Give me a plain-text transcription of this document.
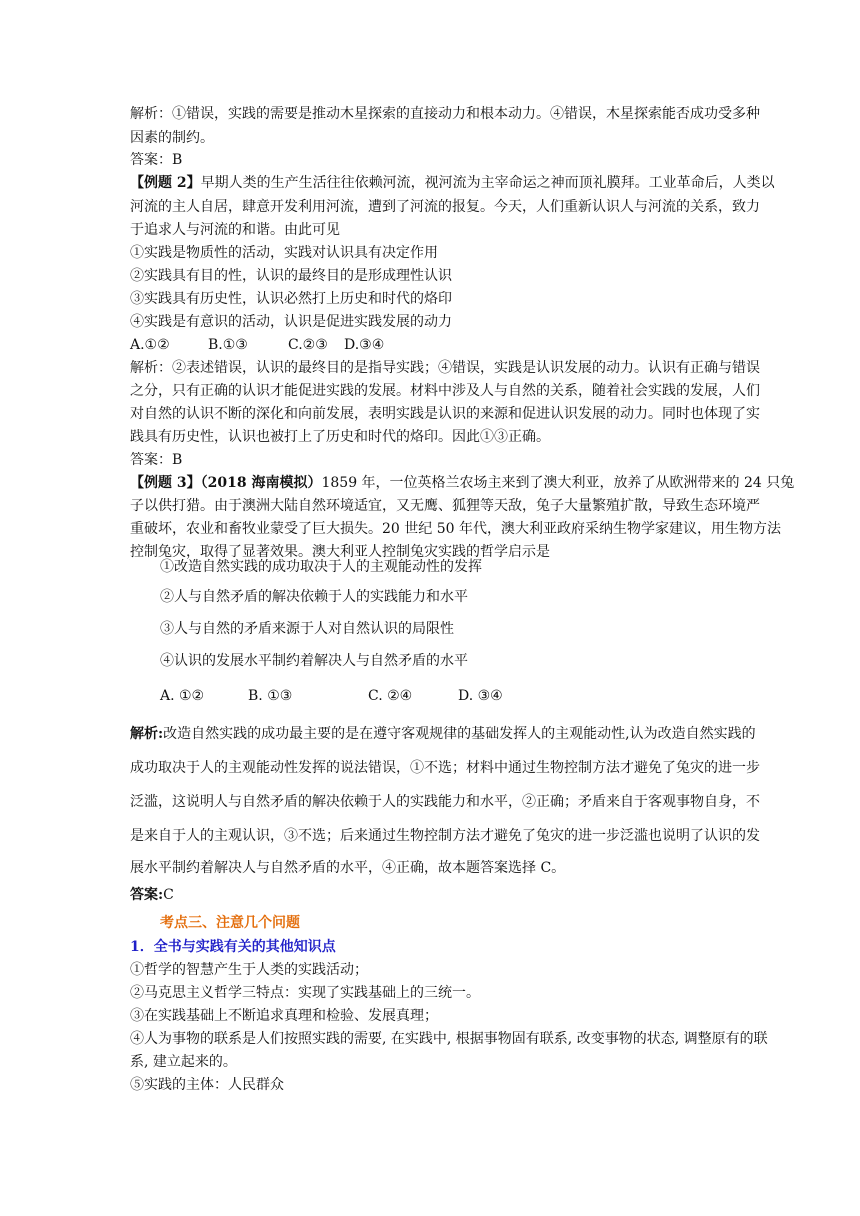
解析：①错误，实践的需要是推动木星探索的直接动力和根本动力。④错误，木星探索能否成功受多种
因素的制约。
答案：B
【例题 2】早期人类的生产生活往往依赖河流，视河流为主宰命运之神而顶礼膜拜。工业革命后，人类以
河流的主人自居，肆意开发利用河流，遭到了河流的报复。今天，人们重新认识人与河流的关系，致力
于追求人与河流的和谐。由此可见
①实践是物质性的活动，实践对认识具有决定作用
②实践具有目的性，认识的最终目的是形成理性认识
③实践具有历史性，认识必然打上历史和时代的烙印
④实践是有意识的活动，认识是促进实践发展的动力
A.①②	B.①③	C.②③ D.③④
解析：②表述错误，认识的最终目的是指导实践；④错误，实践是认识发展的动力。认识有正确与错误
之分，只有正确的认识才能促进实践的发展。材料中涉及人与自然的关系，随着社会实践的发展，人们
对自然的认识不断的深化和向前发展，表明实践是认识的来源和促进认识发展的动力。同时也体现了实
践具有历史性，认识也被打上了历史和时代的烙印。因此①③正确。
答案：B
【例题 3】（2018 海南模拟）1859 年，一位英格兰农场主来到了澳大利亚，放养了从欧洲带来的 24 只兔
子以供打猎。由于澳洲大陆自然环境适宜，又无鹰、狐狸等天敌，兔子大量繁殖扩散，导致生态环境严
重破坏，农业和畜牧业蒙受了巨大损失。20 世纪 50 年代，澳大利亚政府采纳生物学家建议，用生物方法
控制兔灾，取得了显著效果。澳大利亚人控制兔灾实践的哲学启示是
①改造自然实践的成功取决于人的主观能动性的发挥
②人与自然矛盾的解决依赖于人的实践能力和水平
③人与自然的矛盾来源于人对自然认识的局限性
④认识的发展水平制约着解决人与自然矛盾的水平
A. ①②	B. ①③	C. ②④	D. ③④
解析:改造自然实践的成功最主要的是在遵守客观规律的基础发挥人的主观能动性,认为改造自然实践的
成功取决于人的主观能动性发挥的说法错误，①不选；材料中通过生物控制方法才避免了兔灾的进一步
泛滥，这说明人与自然矛盾的解决依赖于人的实践能力和水平，②正确；矛盾来自于客观事物自身，不
是来自于人的主观认识，③不选；后来通过生物控制方法才避免了兔灾的进一步泛滥也说明了认识的发
展水平制约着解决人与自然矛盾的水平，④正确，故本题答案选择 C。
答案:C
考点三、注意几个问题
1．全书与实践有关的其他知识点
①哲学的智慧产生于人类的实践活动；
②马克思主义哲学三特点：实现了实践基础上的三统一。
③在实践基础上不断追求真理和检验、发展真理；
④人为事物的联系是人们按照实践的需要, 在实践中, 根据事物固有联系, 改变事物的状态, 调整原有的联
系, 建立起来的。
⑤实践的主体：人民群众
